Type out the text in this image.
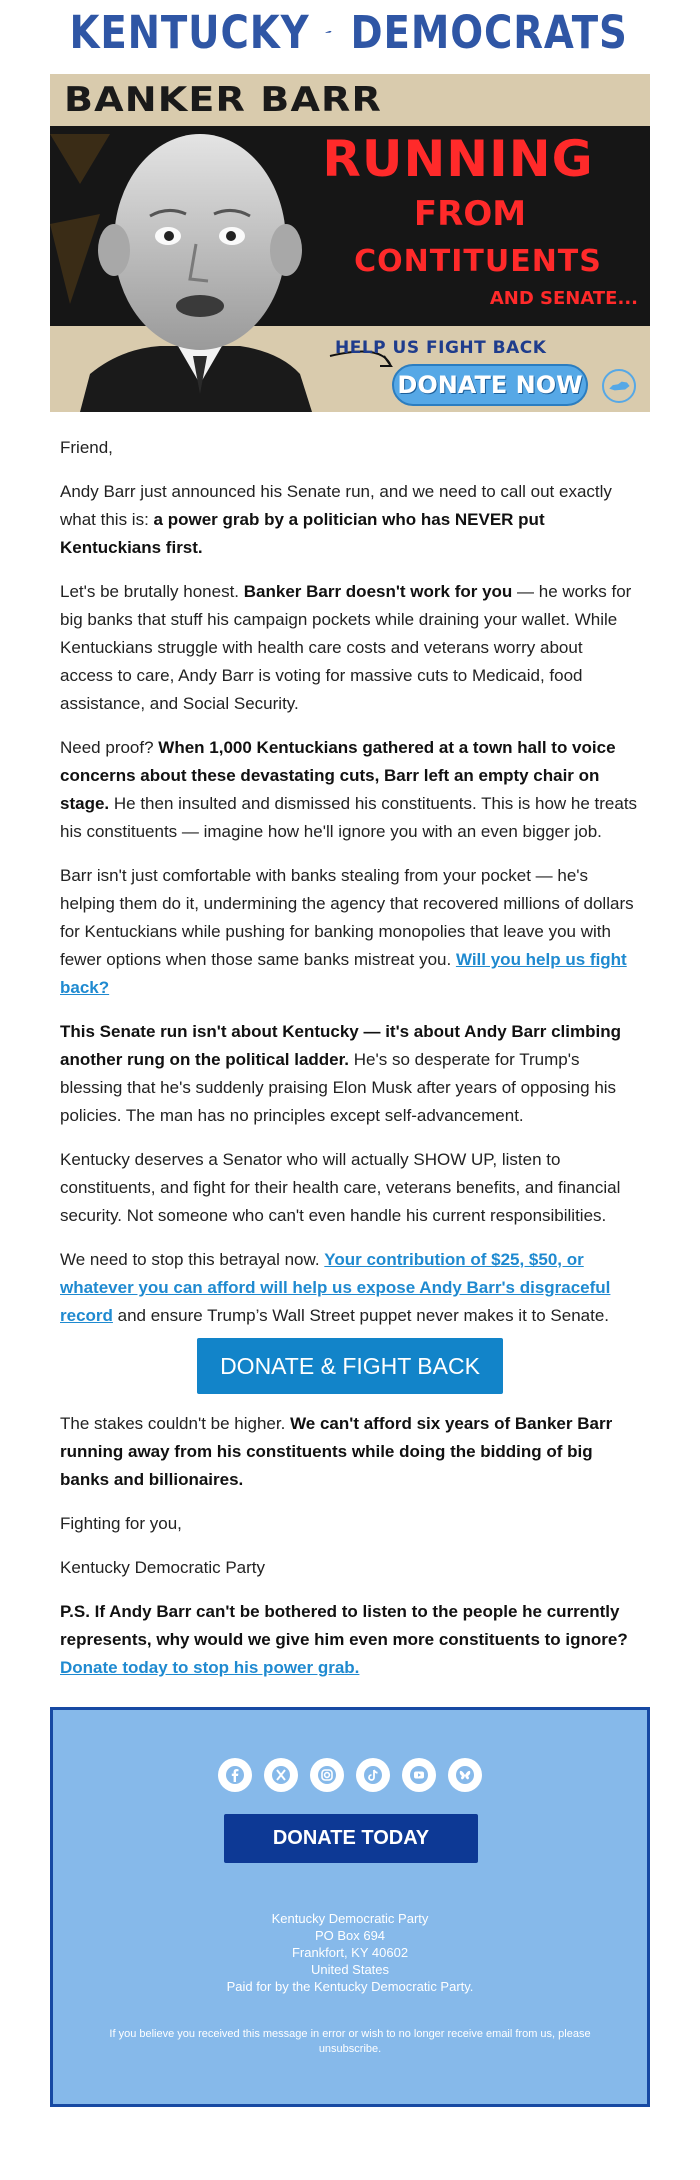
KENTUCKY DEMOCRATS
BANKER BARR
RUNNING
FROM
CONTITUENTS
AND SENATE...
HELP US FIGHT BACK
DONATE NOW

Friend,

Andy Barr just announced his Senate run, and we need to call out exactly what this is: a power grab by a politician who has NEVER put Kentuckians first.

Let's be brutally honest. Banker Barr doesn't work for you — he works for big banks that stuff his campaign pockets while draining your wallet. While Kentuckians struggle with health care costs and veterans worry about access to care, Andy Barr is voting for massive cuts to Medicaid, food assistance, and Social Security.

Need proof? When 1,000 Kentuckians gathered at a town hall to voice concerns about these devastating cuts, Barr left an empty chair on stage. He then insulted and dismissed his constituents. This is how he treats his constituents — imagine how he'll ignore you with an even bigger job.

Barr isn't just comfortable with banks stealing from your pocket — he's helping them do it, undermining the agency that recovered millions of dollars for Kentuckians while pushing for banking monopolies that leave you with fewer options when those same banks mistreat you. Will you help us fight back?

This Senate run isn't about Kentucky — it's about Andy Barr climbing another rung on the political ladder. He's so desperate for Trump's blessing that he's suddenly praising Elon Musk after years of opposing his policies. The man has no principles except self-advancement.

Kentucky deserves a Senator who will actually SHOW UP, listen to constituents, and fight for their health care, veterans benefits, and financial security. Not someone who can't even handle his current responsibilities.

We need to stop this betrayal now. Your contribution of $25, $50, or whatever you can afford will help us expose Andy Barr's disgraceful record and ensure Trump’s Wall Street puppet never makes it to Senate.

DONATE & FIGHT BACK

The stakes couldn't be higher. We can't afford six years of Banker Barr running away from his constituents while doing the bidding of big banks and billionaires.

Fighting for you,

Kentucky Democratic Party

P.S. If Andy Barr can't be bothered to listen to the people he currently represents, why would we give him even more constituents to ignore? Donate today to stop his power grab.

DONATE TODAY
Kentucky Democratic Party
PO Box 694
Frankfort, KY 40602
United States
Paid for by the Kentucky Democratic Party.
If you believe you received this message in error or wish to no longer receive email from us, please unsubscribe.
